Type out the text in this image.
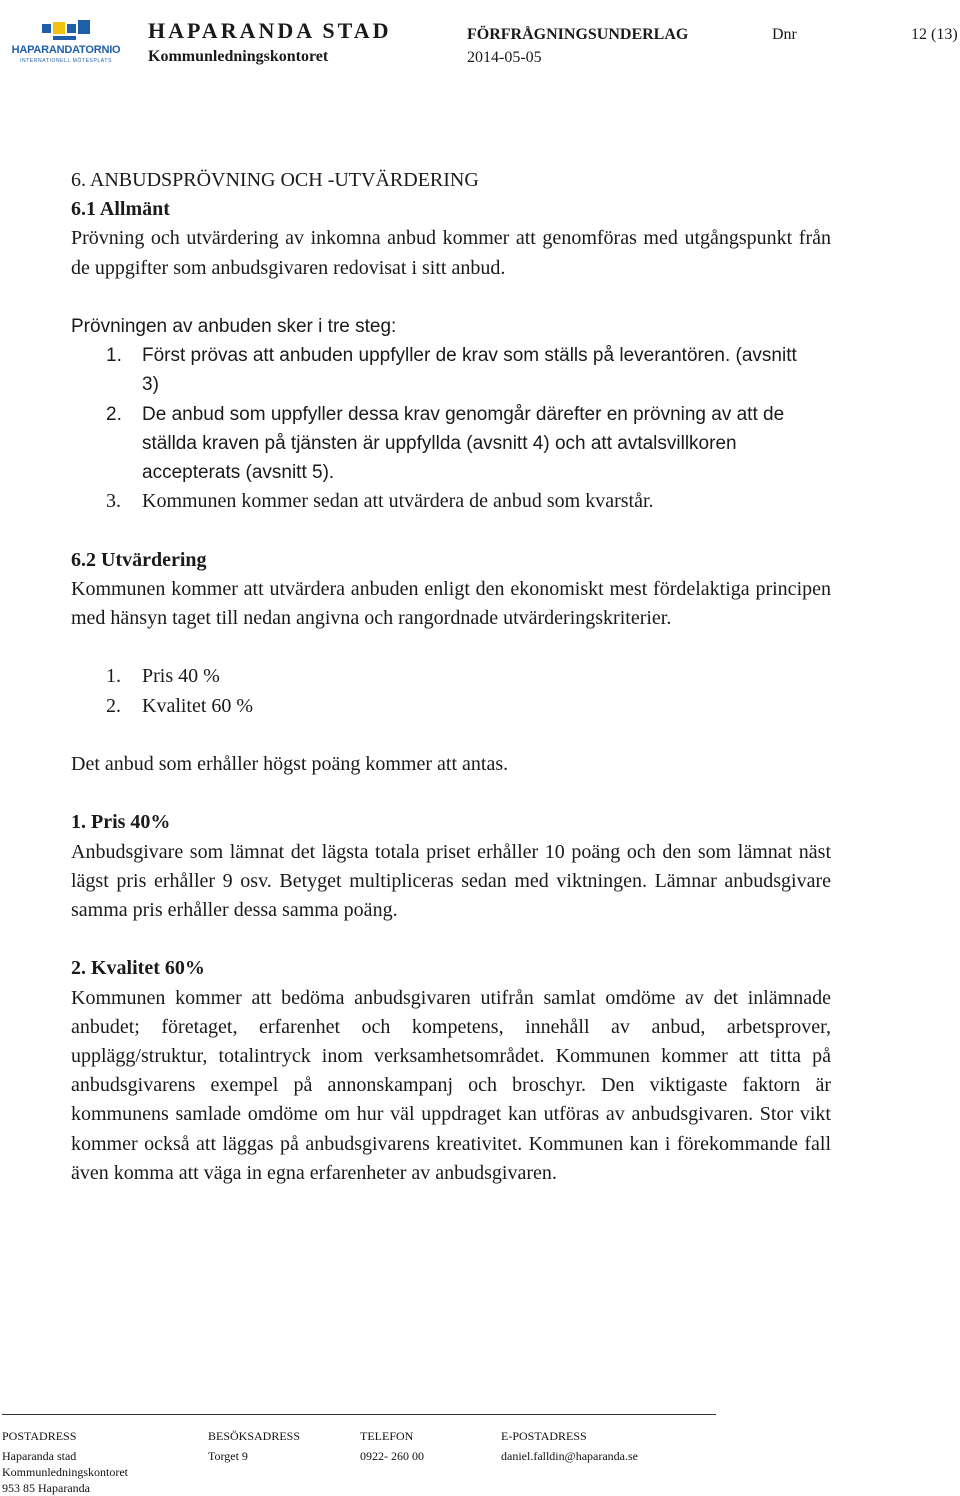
HAPARANDATORNIO
INTERNATIONELL MÖTESPLATS
HAPARANDA STAD
Kommunledningskontoret
FÖRFRÅGNINGSUNDERLAG
2014-05-05
Dnr	12 (13)

6. ANBUDSPRÖVNING OCH -UTVÄRDERING

6.1 Allmänt

Prövning och utvärdering av inkomna anbud kommer att genomföras med utgångspunkt från de uppgifter som anbudsgivaren redovisat i sitt anbud.

Prövningen av anbuden sker i tre steg:

1.	Först prövas att anbuden uppfyller de krav som ställs på leverantören. (avsnitt 3)
2.	De anbud som uppfyller dessa krav genomgår därefter en prövning av att de ställda kraven på tjänsten är uppfyllda (avsnitt 4) och att avtalsvillkoren accepterats (avsnitt 5).
3.	Kommunen kommer sedan att utvärdera de anbud som kvarstår.

6.2 Utvärdering

Kommunen kommer att utvärdera anbuden enligt den ekonomiskt mest fördelaktiga principen med hänsyn taget till nedan angivna och rangordnade utvärderingskriterier.

1.	Pris 40 %
2.	Kvalitet 60 %

Det anbud som erhåller högst poäng kommer att antas.

1. Pris 40%

Anbudsgivare som lämnat det lägsta totala priset erhåller 10 poäng och den som lämnat näst lägst pris erhåller 9 osv. Betyget multipliceras sedan med viktningen. Lämnar anbudsgivare samma pris erhåller dessa samma poäng.

2. Kvalitet 60%

Kommunen kommer att bedöma anbudsgivaren utifrån samlat omdöme av det inlämnade anbudet; företaget, erfarenhet och kompetens, innehåll av anbud, arbetsprover, upplägg/struktur, totalintryck inom verksamhetsområdet. Kommunen kommer att titta på anbudsgivarens exempel på annonskampanj och broschyr. Den viktigaste faktorn är kommunens samlade omdöme om hur väl uppdraget kan utföras av anbudsgivaren. Stor vikt kommer också att läggas på anbudsgivarens kreativitet. Kommunen kan i förekommande fall även komma att väga in egna erfarenheter av anbudsgivaren.

POSTADRESS	BESÖKSADRESS	TELEFON	E-POSTADRESS
Haparanda stad
Kommunledningskontoret
953 85 Haparanda
Torget 9	0922- 260 00	daniel.falldin@haparanda.se
